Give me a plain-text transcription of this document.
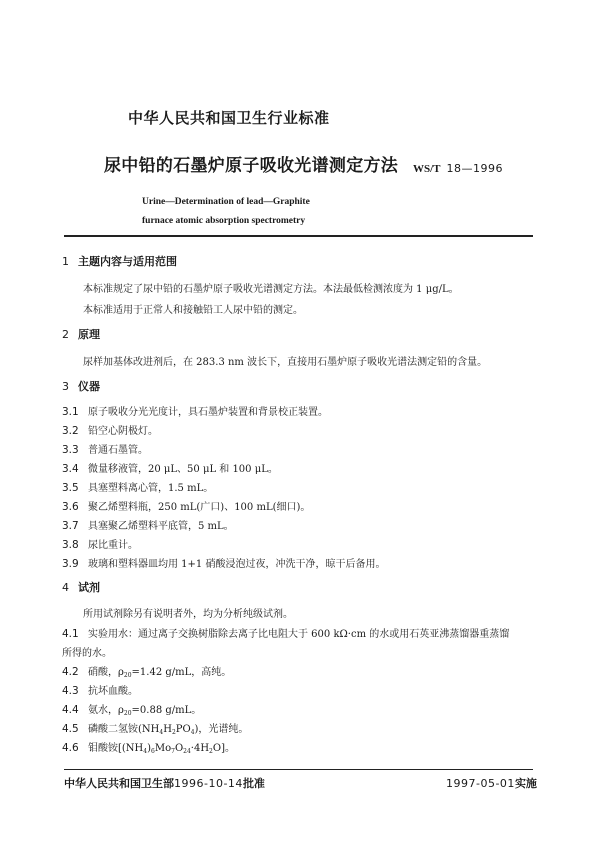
中华人民共和国卫生行业标准
尿中铅的石墨炉原子吸收光谱测定方法 WS/T 18—1996
Urine—Determination of lead—Graphite
furnace atomic absorption spectrometry
1 主题内容与适用范围
本标准规定了尿中铅的石墨炉原子吸收光谱测定方法。本法最低检测浓度为 1 μg/L。
本标准适用于正常人和接触铅工人尿中铅的测定。
2 原理
尿样加基体改进剂后，在 283.3 nm 波长下，直接用石墨炉原子吸收光谱法测定铅的含量。
3 仪器
3.1 原子吸收分光光度计，具石墨炉装置和背景校正装置。
3.2 铅空心阴极灯。
3.3 普通石墨管。
3.4 微量移液管，20 μL、50 μL 和 100 μL。
3.5 具塞塑料离心管，1.5 mL。
3.6 聚乙烯塑料瓶，250 mL(广口)、100 mL(细口)。
3.7 具塞聚乙烯塑料平底管，5 mL。
3.8 尿比重计。
3.9 玻璃和塑料器皿均用 1+1 硝酸浸泡过夜，冲洗干净，晾干后备用。
4 试剂
所用试剂除另有说明者外，均为分析纯级试剂。
4.1 实验用水：通过离子交换树脂除去离子比电阻大于 600 kΩ·cm 的水或用石英亚沸蒸馏器重蒸馏
所得的水。
4.2 硝酸，$\rho_{20}=1.42$ g/mL，高纯。
4.3 抗坏血酸。
4.4 氨水，$\rho_{20}=0.88$ g/mL。
4.5 磷酸二氢铵$(NH_4H_2PO_4)$，光谱纯。
4.6 钼酸铵$[(NH_4)_6Mo_7O_{24}\cdot 4H_2O]$。
中华人民共和国卫生部1996-10-14批准	1997-05-01实施
